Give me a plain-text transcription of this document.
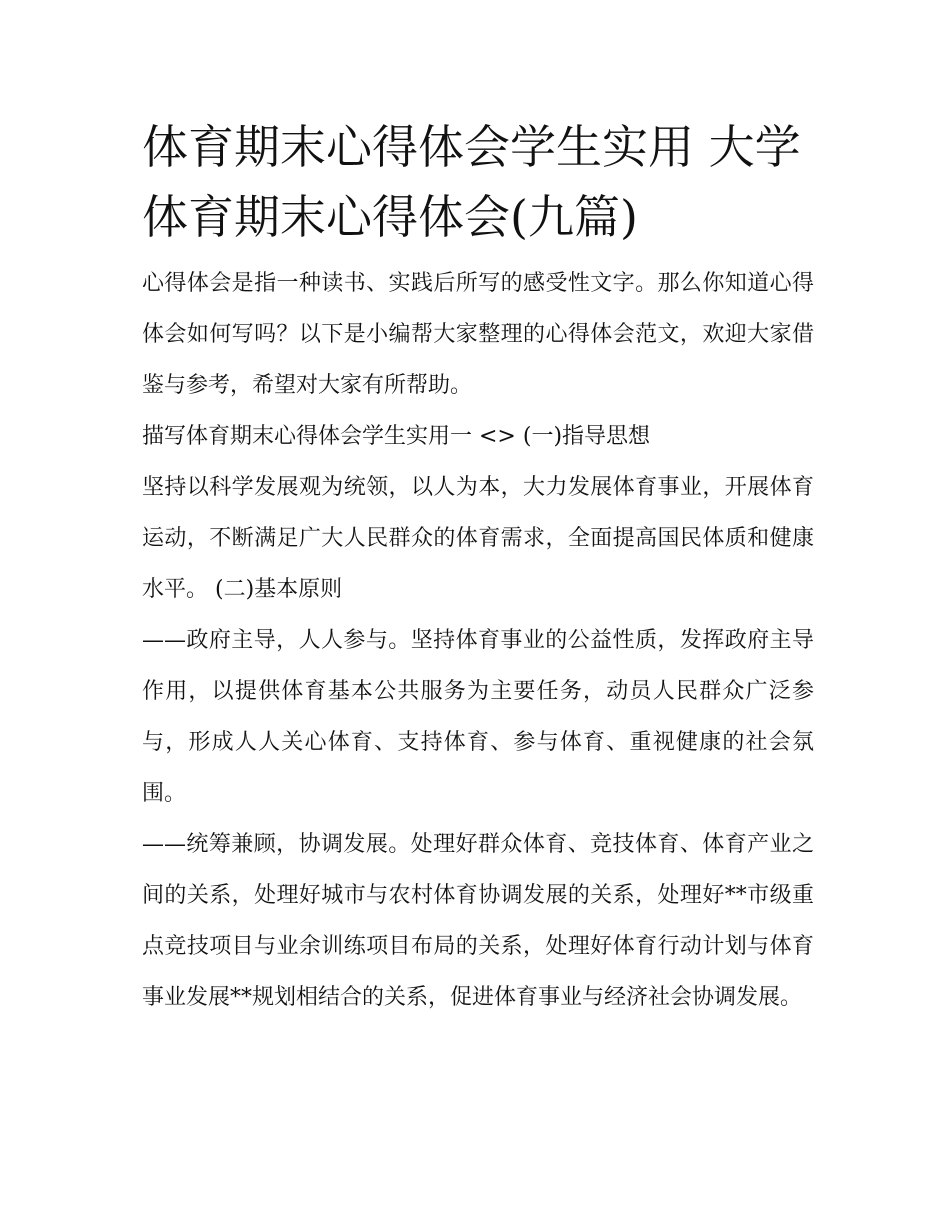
体育期末心得体会学生实用 大学体育期末心得体会(九篇)

心得体会是指一种读书、实践后所写的感受性文字。那么你知道心得体会如何写吗？以下是小编帮大家整理的心得体会范文，欢迎大家借鉴与参考，希望对大家有所帮助。

描写体育期末心得体会学生实用一 <> (一)指导思想

坚持以科学发展观为统领，以人为本，大力发展体育事业，开展体育运动，不断满足广大人民群众的体育需求，全面提高国民体质和健康水平。 (二)基本原则

——政府主导，人人参与。坚持体育事业的公益性质，发挥政府主导作用，以提供体育基本公共服务为主要任务，动员人民群众广泛参与，形成人人关心体育、支持体育、参与体育、重视健康的社会氛围。

——统筹兼顾，协调发展。处理好群众体育、竞技体育、体育产业之间的关系，处理好城市与农村体育协调发展的关系，处理好**市级重点竞技项目与业余训练项目布局的关系，处理好体育行动计划与体育事业发展**规划相结合的关系，促进体育事业与经济社会协调发展。
